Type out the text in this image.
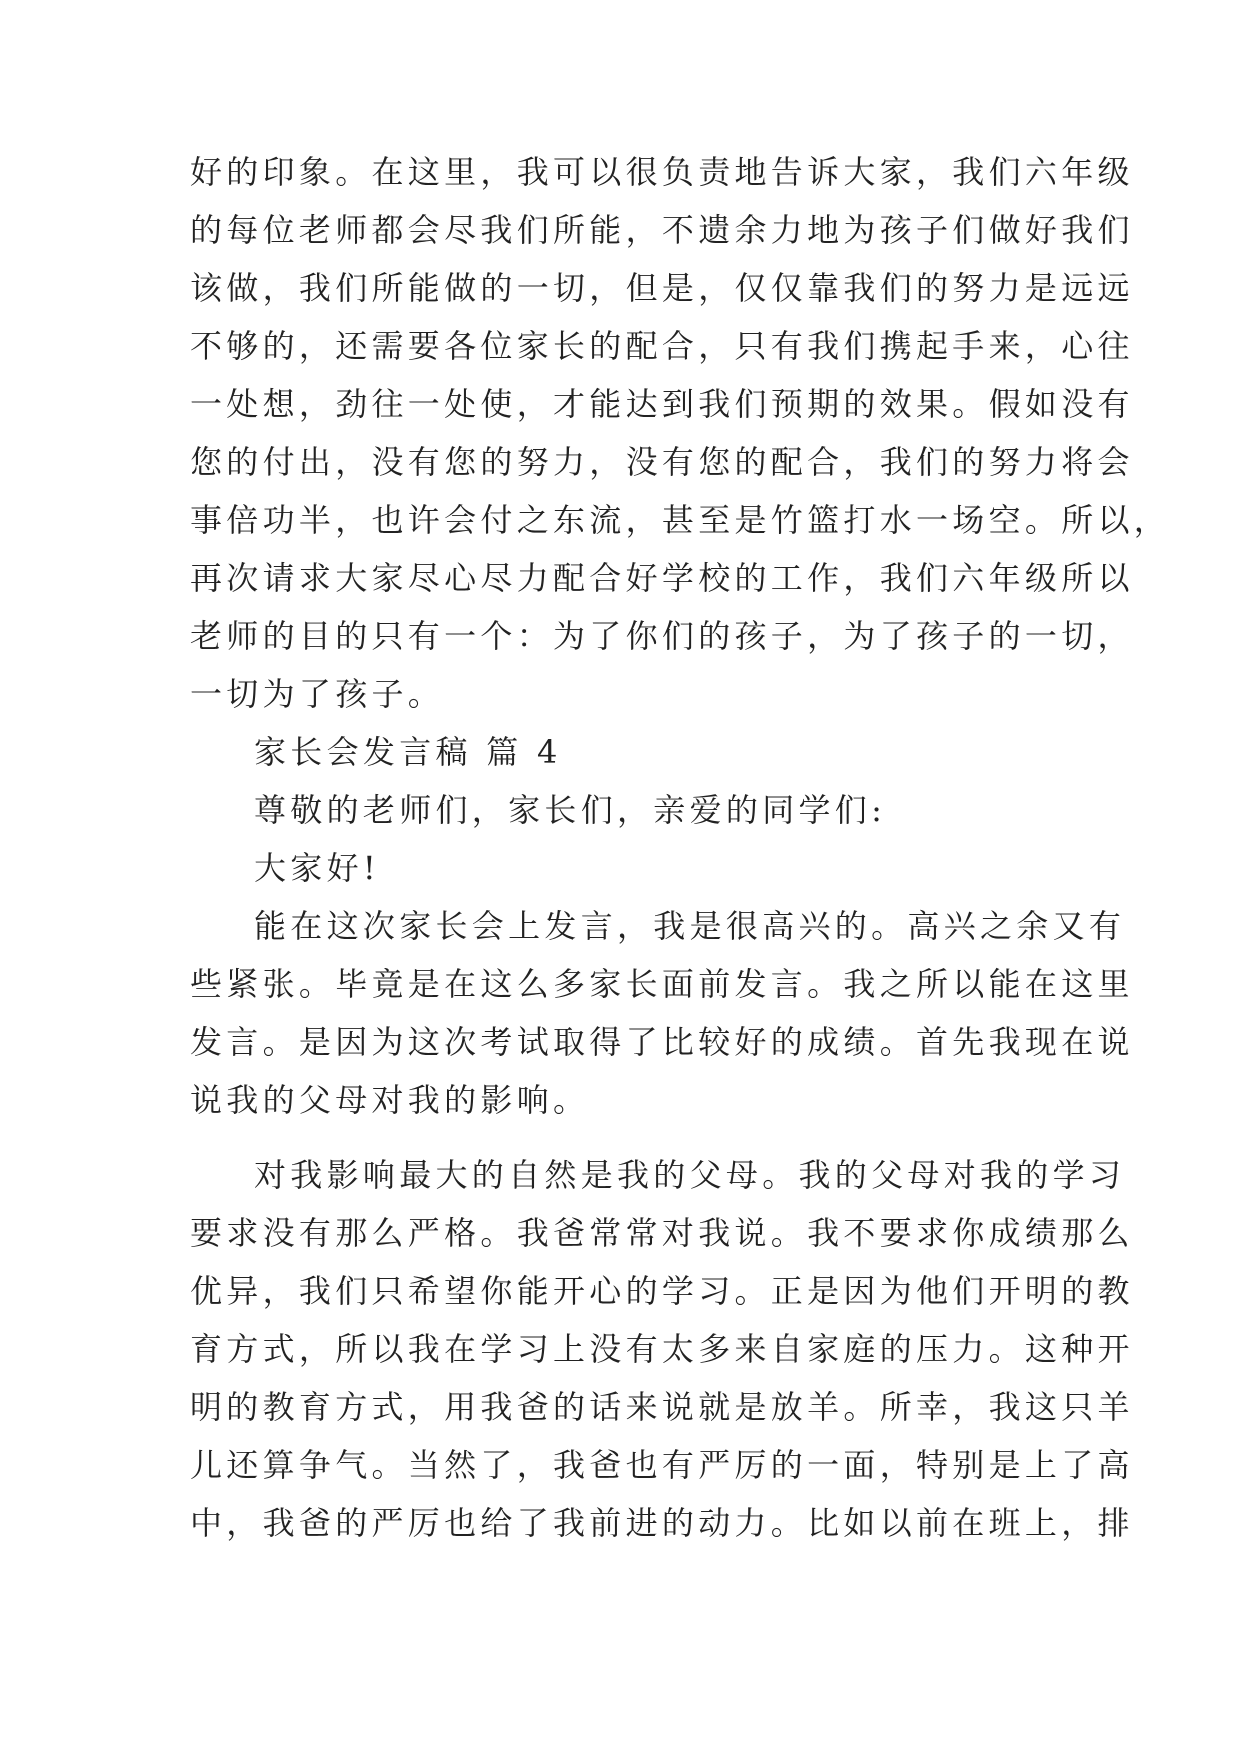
好的印象。在这里，我可以很负责地告诉大家，我们六年级
的每位老师都会尽我们所能，不遗余力地为孩子们做好我们
该做，我们所能做的一切，但是，仅仅靠我们的努力是远远
不够的，还需要各位家长的配合，只有我们携起手来，心往
一处想，劲往一处使，才能达到我们预期的效果。假如没有
您的付出，没有您的努力，没有您的配合，我们的努力将会
事倍功半，也许会付之东流，甚至是竹篮打水一场空。所以，
再次请求大家尽心尽力配合好学校的工作，我们六年级所以
老师的目的只有一个：为了你们的孩子，为了孩子的一切，
一切为了孩子。
家长会发言稿 篇 4
尊敬的老师们，家长们，亲爱的同学们:
大家好!
能在这次家长会上发言，我是很高兴的。高兴之余又有
些紧张。毕竟是在这么多家长面前发言。我之所以能在这里
发言。是因为这次考试取得了比较好的成绩。首先我现在说
说我的父母对我的影响。
对我影响最大的自然是我的父母。我的父母对我的学习
要求没有那么严格。我爸常常对我说。我不要求你成绩那么
优异，我们只希望你能开心的学习。正是因为他们开明的教
育方式，所以我在学习上没有太多来自家庭的压力。这种开
明的教育方式，用我爸的话来说就是放羊。所幸，我这只羊
儿还算争气。当然了，我爸也有严厉的一面，特别是上了高
中，我爸的严厉也给了我前进的动力。比如以前在班上，排
